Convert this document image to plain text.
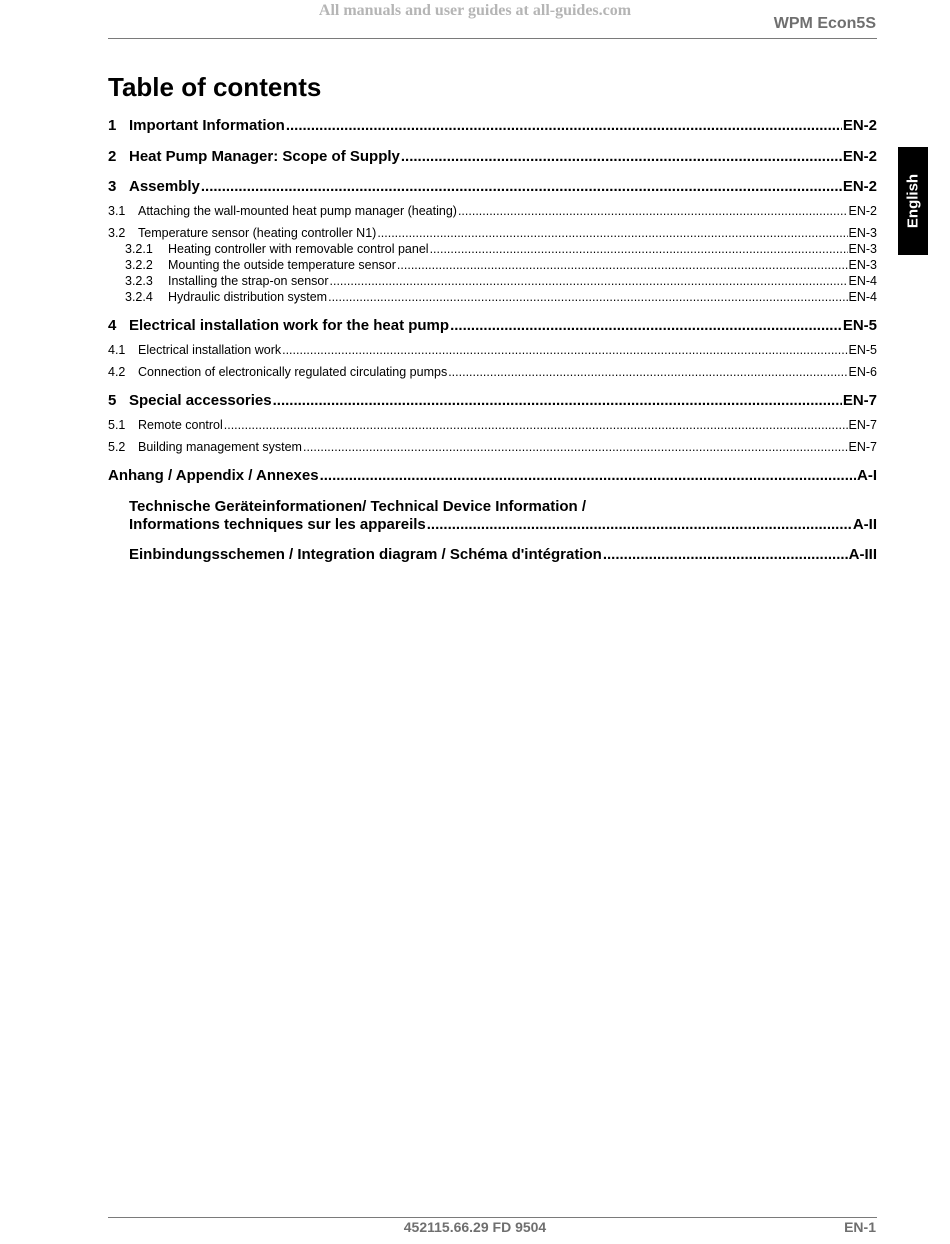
All manuals and user guides at all-guides.com
WPM Econ5S
English
Table of contents
1 Important Information .....	EN-2
2 Heat Pump Manager: Scope of Supply .....	EN-2
3 Assembly .....	EN-2
3.1	Attaching the wall-mounted heat pump manager (heating) .....	EN-2
3.2	Temperature sensor (heating controller N1) .....	EN-3
3.2.1	Heating controller with removable control panel .....	EN-3
3.2.2	Mounting the outside temperature sensor .....	EN-3
3.2.3	Installing the strap-on sensor .....	EN-4
3.2.4	Hydraulic distribution system .....	EN-4
4 Electrical installation work for the heat pump .....	EN-5
4.1	Electrical installation work .....	EN-5
4.2	Connection of electronically regulated circulating pumps .....	EN-6
5 Special accessories .....	EN-7
5.1	Remote control .....	EN-7
5.2	Building management system .....	EN-7
Anhang / Appendix / Annexes .....	A-I
Technische Geräteinformationen/ Technical Device Information /
Informations techniques sur les appareils .....	A-II
Einbindungsschemen / Integration diagram / Schéma d'intégration .....	A-III
452115.66.29 FD 9504	EN-1
